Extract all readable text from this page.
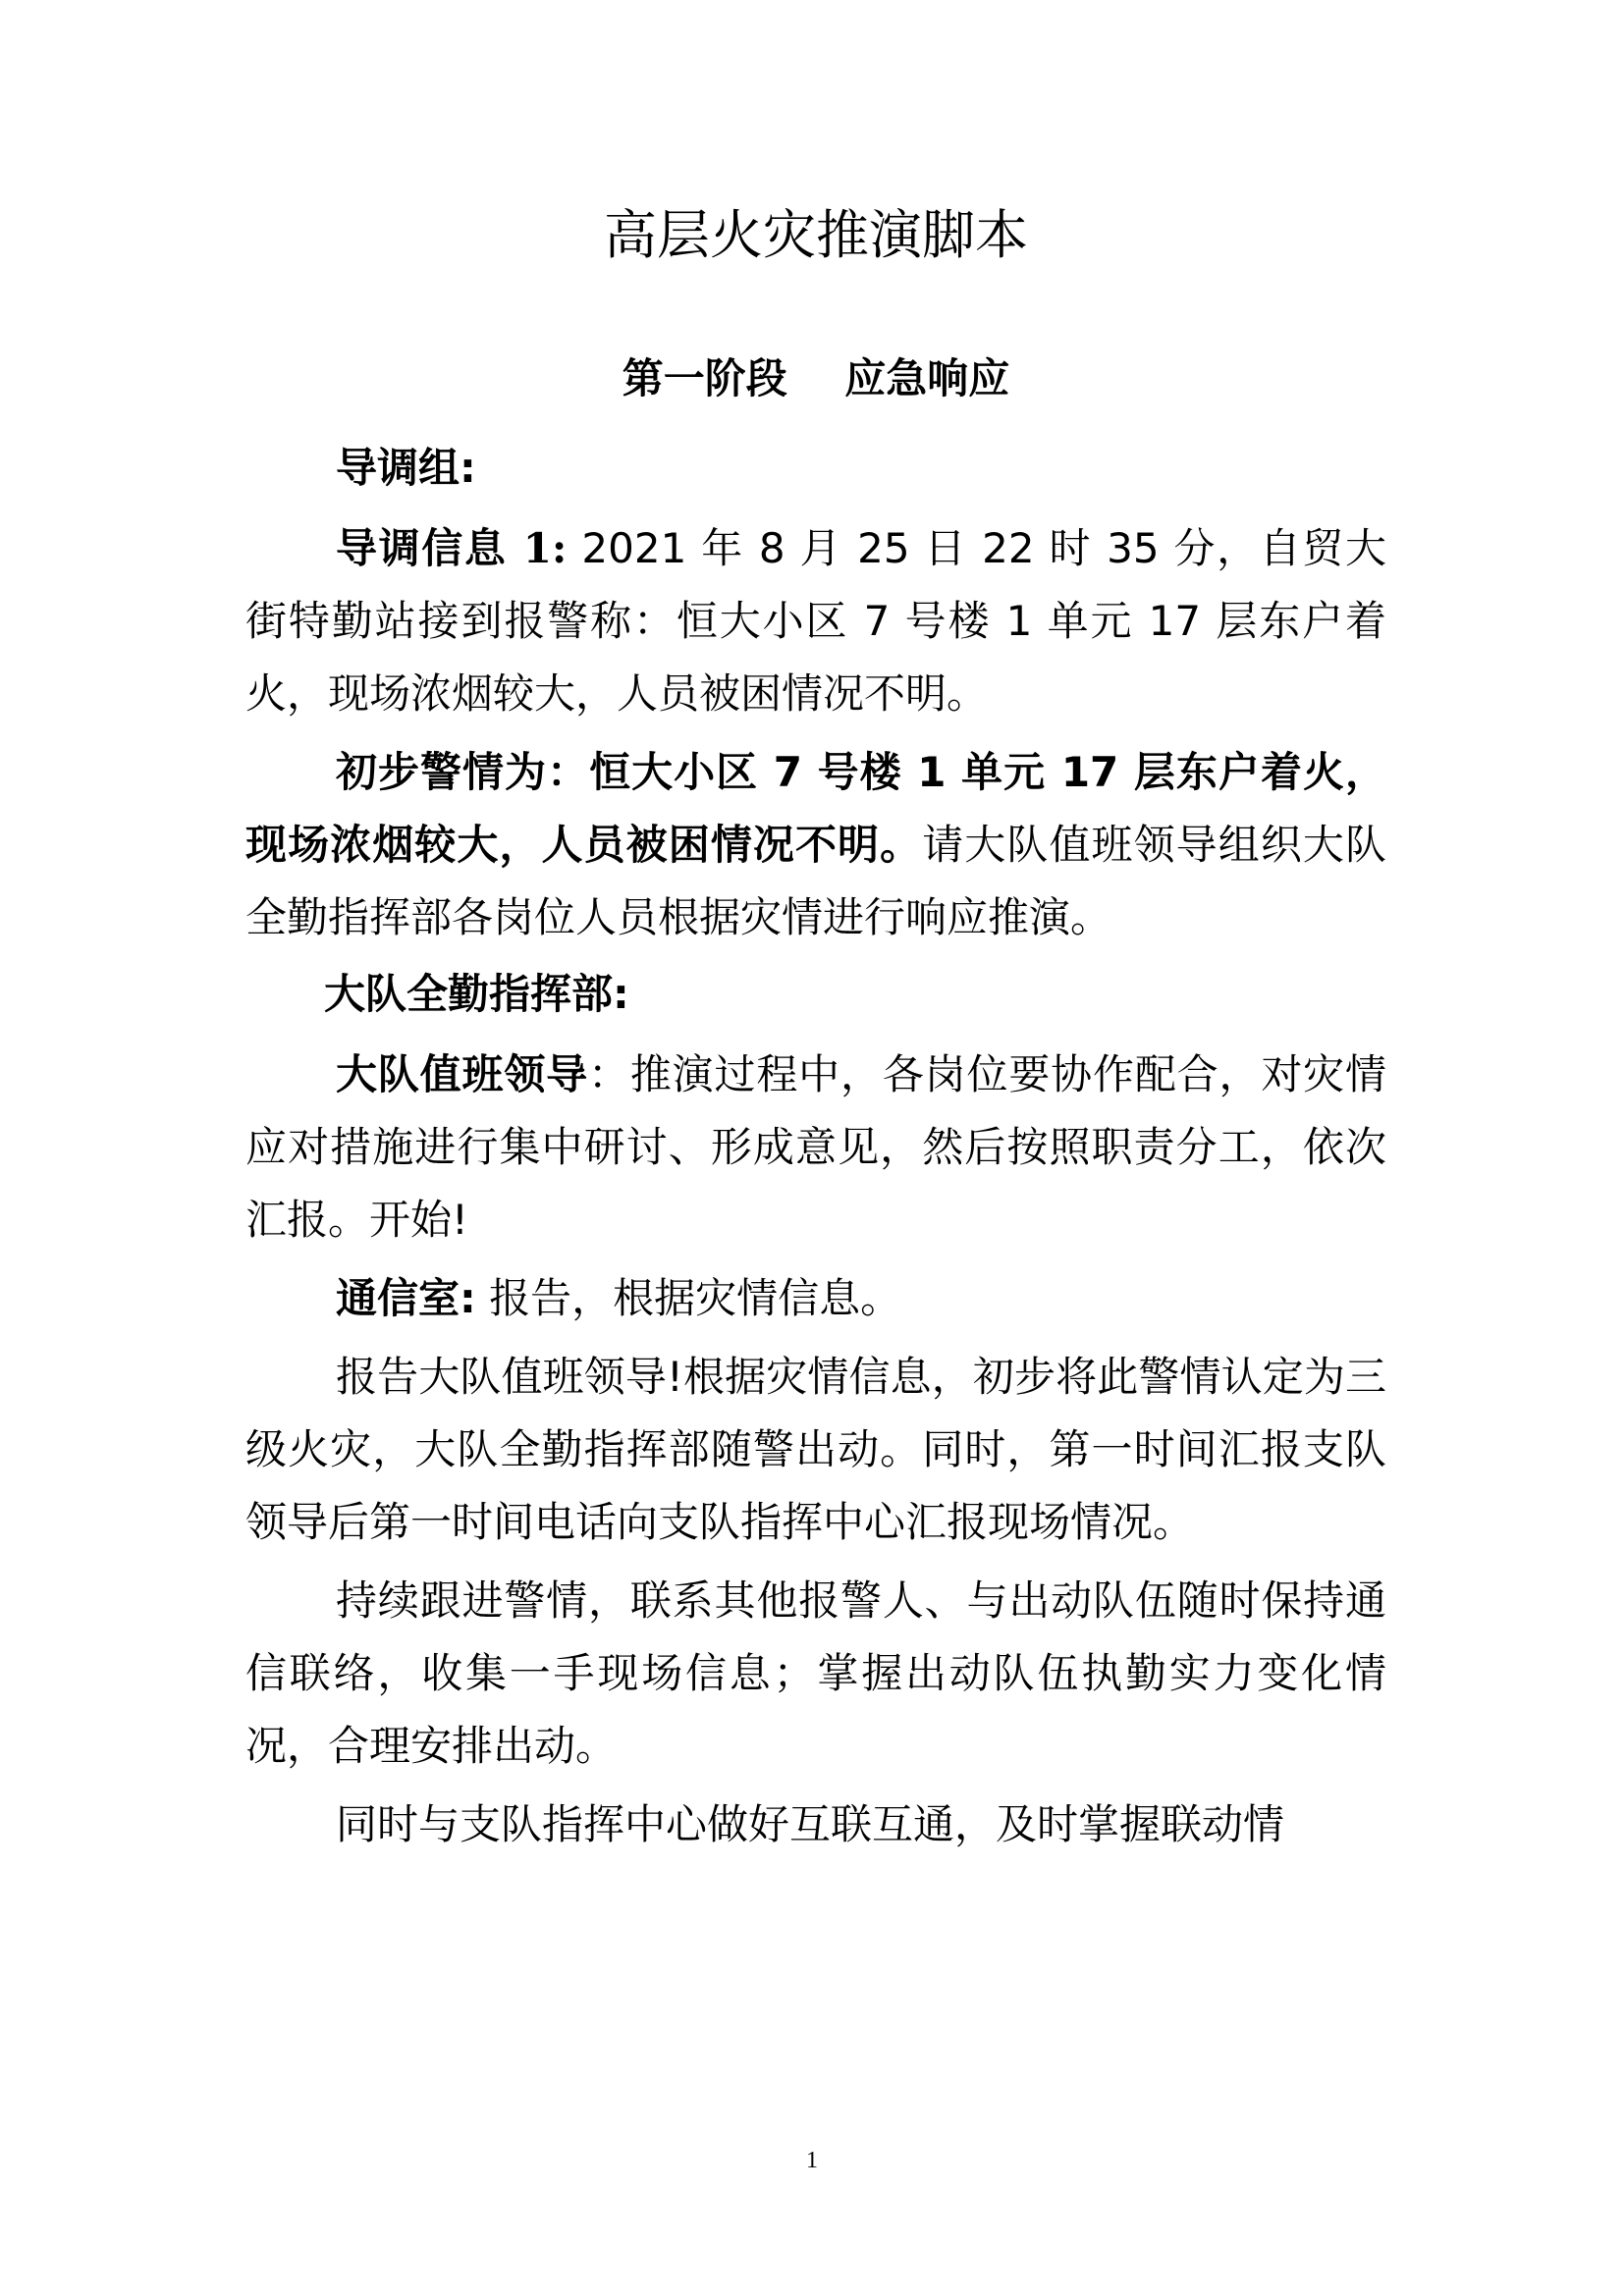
高层火灾推演脚本
第一阶段    应急响应

导调组:

导调信息 1: 2021 年 8 月 25 日 22 时 35 分，自贸大街特勤站接到报警称：恒大小区 7 号楼 1 单元 17 层东户着火，现场浓烟较大，人员被困情况不明。

初步警情为：恒大小区 7 号楼 1 单元 17 层东户着火，现场浓烟较大，人员被困情况不明。请大队值班领导组织大队全勤指挥部各岗位人员根据灾情进行响应推演。

大队全勤指挥部:

大队值班领导：推演过程中，各岗位要协作配合，对灾情应对措施进行集中研讨、形成意见，然后按照职责分工，依次汇报。开始!

通信室: 报告，根据灾情信息。

报告大队值班领导!根据灾情信息，初步将此警情认定为三级火灾，大队全勤指挥部随警出动。同时，第一时间汇报支队领导后第一时间电话向支队指挥中心汇报现场情况。

持续跟进警情，联系其他报警人、与出动队伍随时保持通信联络，收集一手现场信息；掌握出动队伍执勤实力变化情况，合理安排出动。

同时与支队指挥中心做好互联互通，及时掌握联动情

1
